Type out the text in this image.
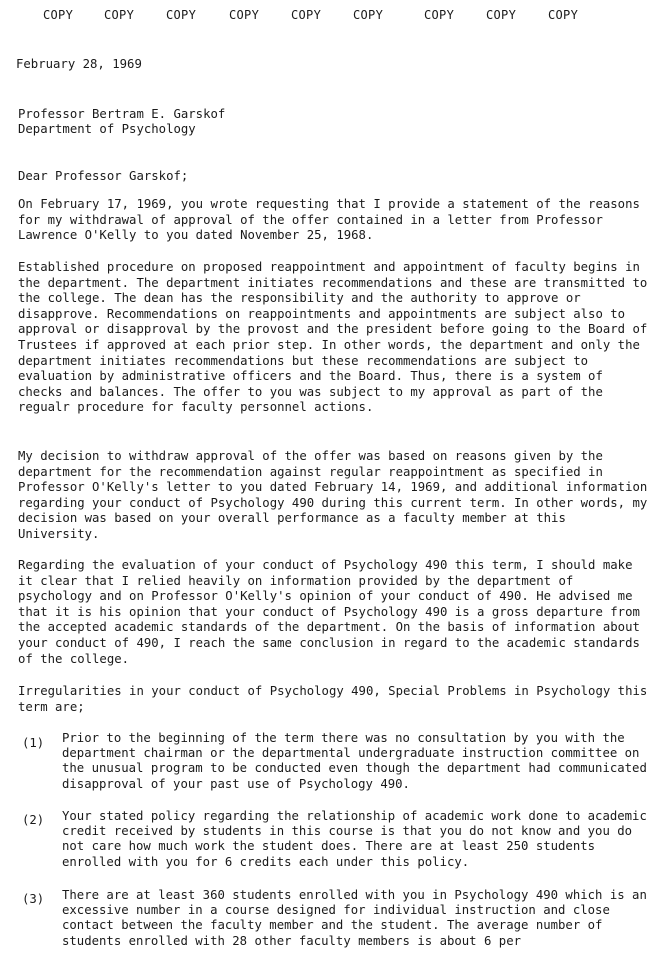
COPY	COPY	COPY	COPY	COPY	COPY	COPY	COPY	COPY
February 28, 1969
Professor Bertram E. Garskof
Department of Psychology
Dear Professor Garskof;

On February 17, 1969, you wrote requesting that I provide a statement of the reasons for my withdrawal of approval of the offer contained in a letter from Professor Lawrence O'Kelly to you dated November 25, 1968.

Established procedure on proposed reappointment and appointment of faculty begins in the department. The department initiates recommendations and these are transmitted to the college. The dean has the responsibility and the authority to approve or disapprove. Recommendations on reappointments and appointments are subject also to approval or disapproval by the provost and the president before going to the Board of Trustees if approved at each prior step. In other words, the department and only the department initiates recommendations but these recommendations are subject to evaluation by administrative officers and the Board. Thus, there is a system of checks and balances. The offer to you was subject to my approval as part of the regualr procedure for faculty personnel actions.

My decision to withdraw approval of the offer was based on reasons given by the department for the recommendation against regular reappointment as specified in Professor O'Kelly's letter to you dated February 14, 1969, and additional information regarding your conduct of Psychology 490 during this current term. In other words, my decision was based on your overall performance as a faculty member at this University.

Regarding the evaluation of your conduct of Psychology 490 this term, I should make it clear that I relied heavily on information provided by the department of psychology and on Professor O'Kelly's opinion of your conduct of 490. He advised me that it is his opinion that your conduct of Psychology 490 is a gross departure from the accepted academic standards of the department. On the basis of information about your conduct of 490, I reach the same conclusion in regard to the academic standards of the college.

Irregularities in your conduct of Psychology 490, Special Problems in Psychology this term are;

(1) Prior to the beginning of the term there was no consultation by you with the department chairman or the departmental undergraduate instruction committee on the unusual program to be conducted even though the department had communicated disapproval of your past use of Psychology 490.

(2) Your stated policy regarding the relationship of academic work done to academic credit received by students in this course is that you do not know and you do not care how much work the student does. There are at least 250 students enrolled with you for 6 credits each under this policy.

(3) There are at least 360 students enrolled with you in Psychology 490 which is an excessive number in a course designed for individual instruction and close contact between the faculty member and the student. The average number of students enrolled with 28 other faculty members is about 6 per
